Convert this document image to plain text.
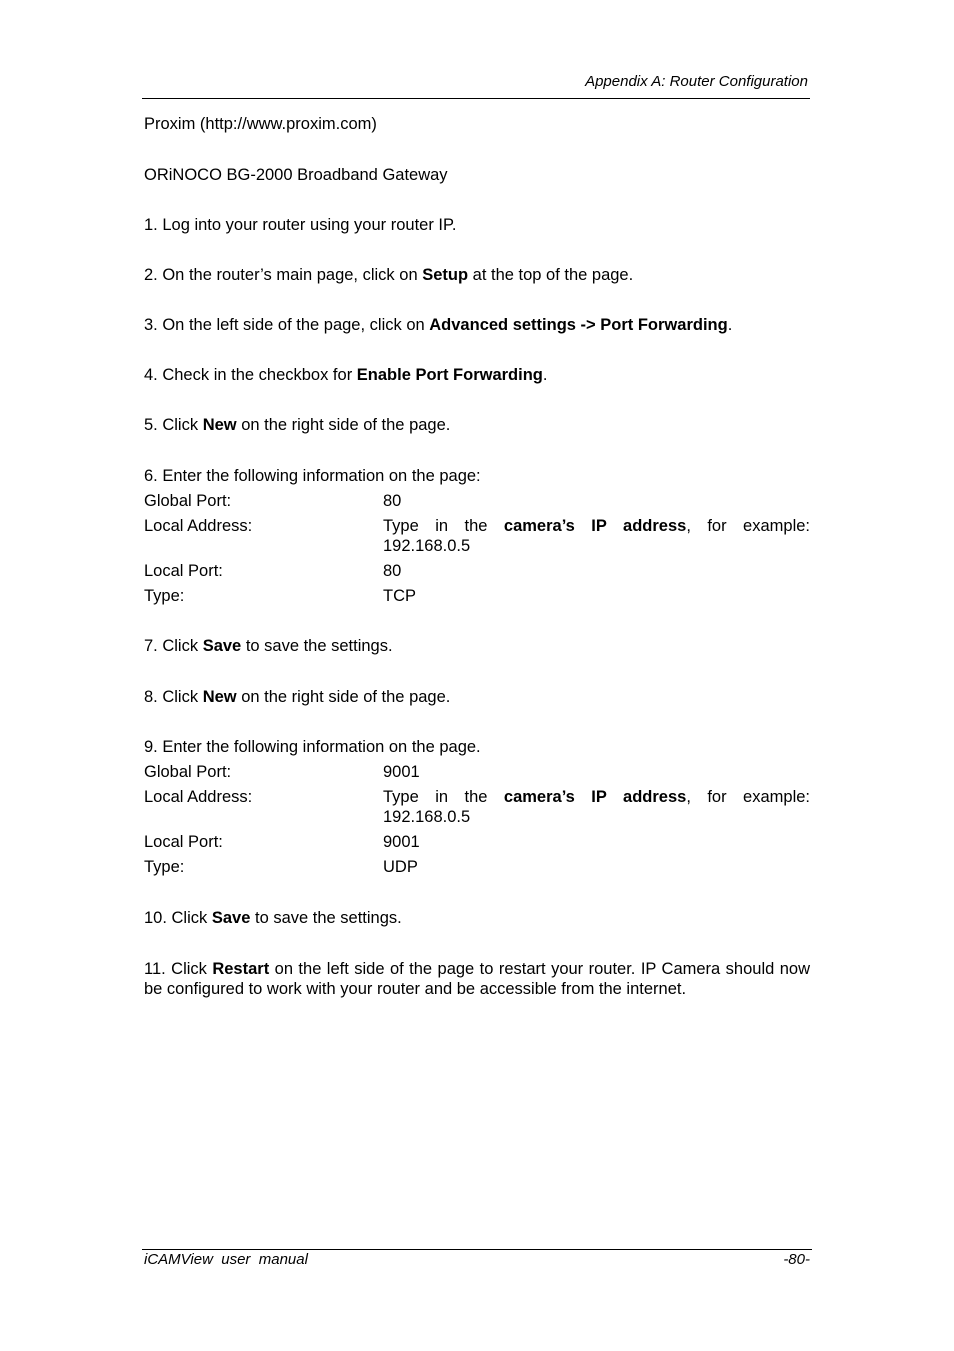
Appendix A: Router Configuration
Proxim (http://www.proxim.com)
ORiNOCO BG-2000 Broadband Gateway
1. Log into your router using your router IP.
2. On the router’s main page, click on Setup at the top of the page.
3. On the left side of the page, click on Advanced settings -> Port Forwarding.
4. Check in the checkbox for Enable Port Forwarding.
5. Click New on the right side of the page.
6. Enter the following information on the page:
Global Port:	80
Local Address:	Type in the camera’s IP address, for example:
192.168.0.5
Local Port:	80
Type:	TCP
7. Click Save to save the settings.
8. Click New on the right side of the page.
9. Enter the following information on the page.
Global Port:	9001
Local Address:	Type in the camera’s IP address, for example:
192.168.0.5
Local Port:	9001
Type:	UDP
10. Click Save to save the settings.
11. Click Restart on the left side of the page to restart your router. IP Camera should now be configured to work with your router and be accessible from the internet.
iCAMView  user  manual	-80-
